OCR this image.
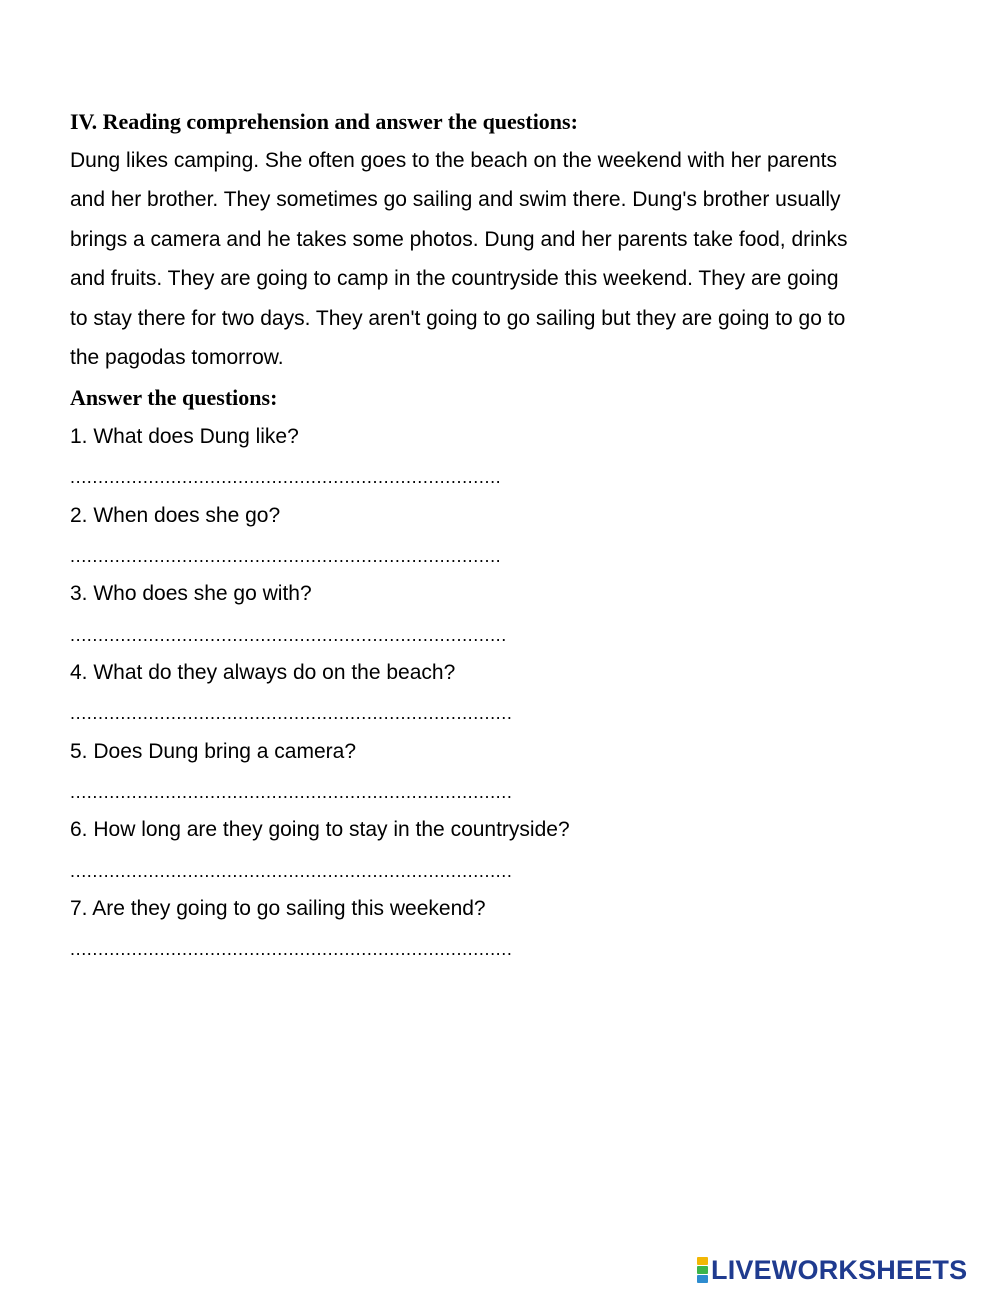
IV. Reading comprehension and answer the questions:
Dung likes camping. She often goes to the beach on the weekend with her parents
and her brother. They sometimes go sailing and swim there. Dung's brother usually
brings a camera and he takes some photos. Dung and her parents take food, drinks
and fruits. They are going to camp in the countryside this weekend. They are going
to stay there for two days. They aren't going to go sailing but they are going to go to
the pagodas tomorrow.
Answer the questions:
1. What does Dung like?
.............................................................................
2. When does she go?
.............................................................................
3. Who does she go with?
..............................................................................
4. What do they always do on the beach?
...............................................................................
5. Does Dung bring a camera?
...............................................................................
6. How long are they going to stay in the countryside?
...............................................................................
7. Are they going to go sailing this weekend?
...............................................................................
LIVEWORKSHEETS
